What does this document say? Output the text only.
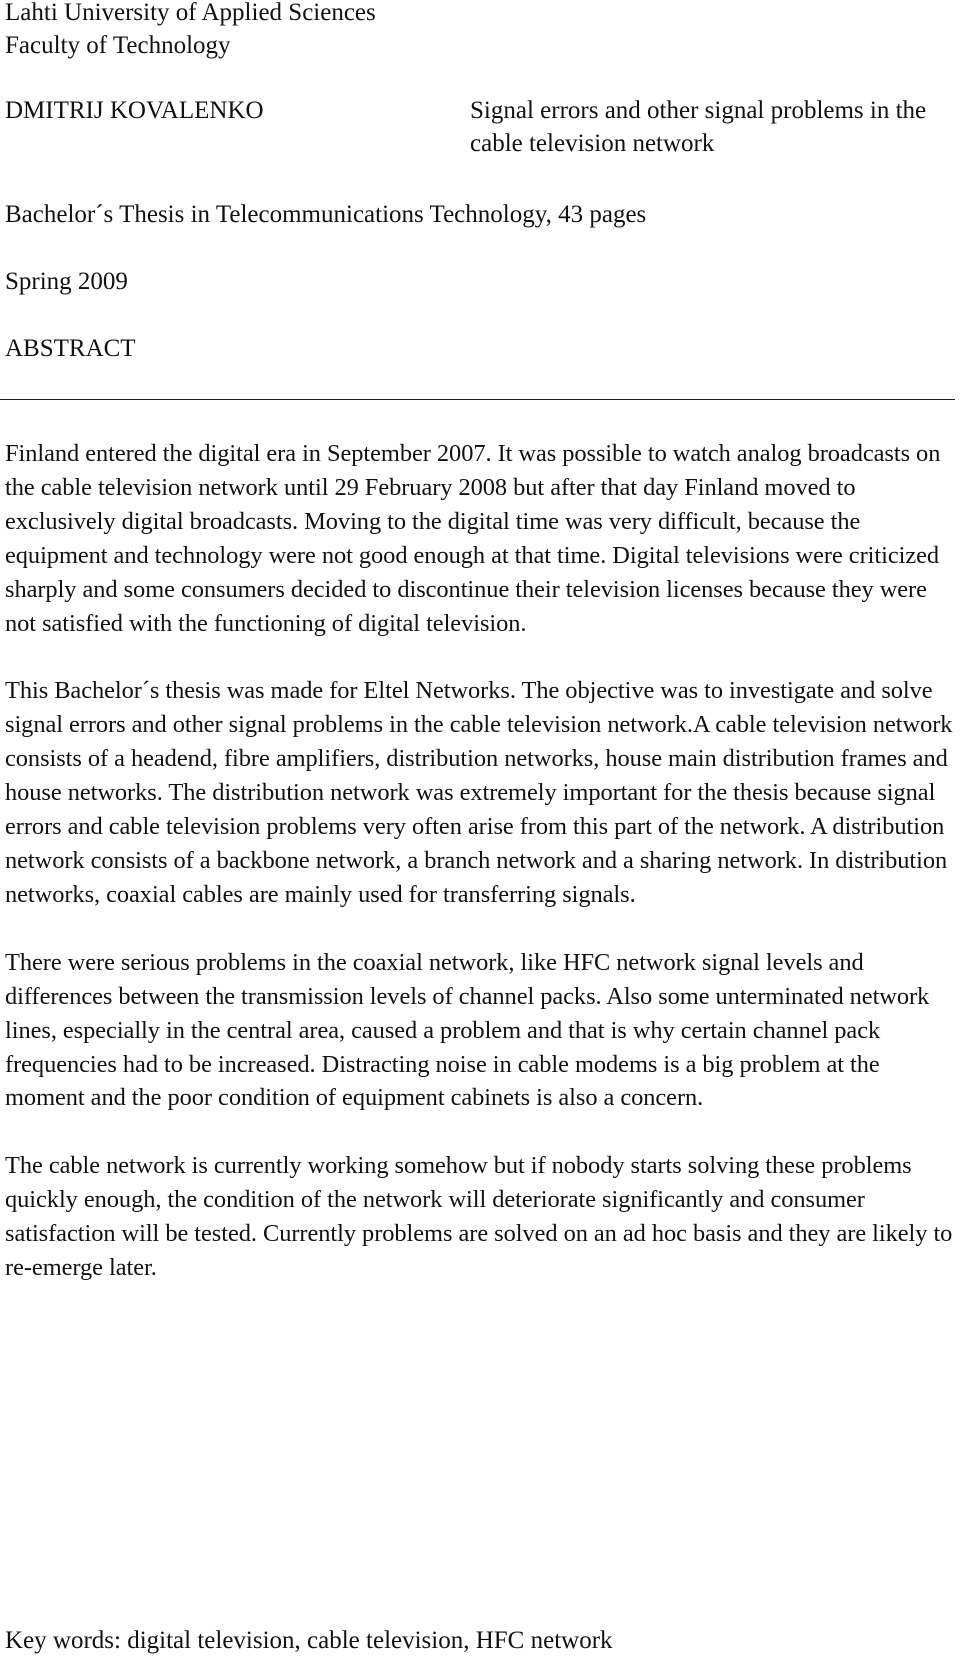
Lahti University of Applied Sciences
Faculty of Technology
DMITRIJ KOVALENKO	Signal errors and other signal problems in the cable television network
Bachelor´s Thesis in Telecommunications Technology, 43 pages
Spring 2009
ABSTRACT

Finland entered the digital era in September 2007. It was possible to watch analog broadcasts on the cable television network until 29 February 2008 but after that day Finland moved to exclusively digital broadcasts. Moving to the digital time was very difficult, because the equipment and technology were not good enough at that time. Digital televisions were criticized sharply and some consumers decided to discontinue their television licenses because they were not satisfied with the functioning of digital television.

This Bachelor´s thesis was made for Eltel Networks. The objective was to investigate and solve signal errors and other signal problems in the cable television network.A cable television network consists of a headend, fibre amplifiers, distribution networks, house main distribution frames and house networks. The distribution network was extremely important for the thesis because signal errors and cable television problems very often arise from this part of the network. A distribution network consists of a backbone network, a branch network and a sharing network. In distribution networks, coaxial cables are mainly used for transferring signals.

There were serious problems in the coaxial network, like HFC network signal levels and differences between the transmission levels of channel packs. Also some unterminated network lines, especially in the central area, caused a problem and that is why certain channel pack frequencies had to be increased. Distracting noise in cable modems is a big problem at the moment and the poor condition of equipment cabinets is also a concern.

The cable network is currently working somehow but if nobody starts solving these problems quickly enough, the condition of the network will deteriorate significantly and consumer satisfaction will be tested. Currently problems are solved on an ad hoc basis and they are likely to re-emerge later.

Key words: digital television, cable television, HFC network
